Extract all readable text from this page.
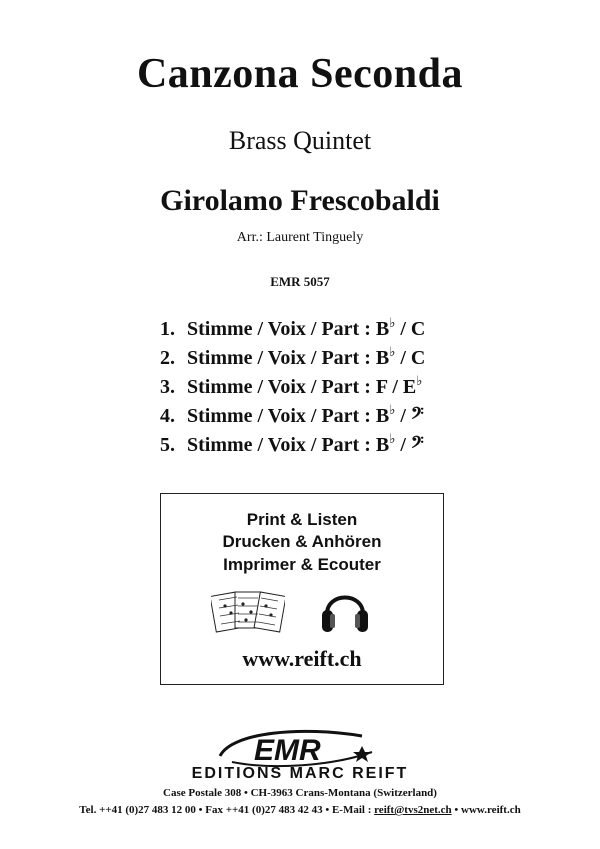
Canzona Seconda
Brass Quintet
Girolamo Frescobaldi
Arr.: Laurent Tinguely
EMR 5057
1. Stimme / Voix / Part : B♭ / C
2. Stimme / Voix / Part : B♭ / C
3. Stimme / Voix / Part : F / E♭
4. Stimme / Voix / Part : B♭ / 𝄢
5. Stimme / Voix / Part : B♭ / 𝄢
Print & Listen
Drucken & Anhören
Imprimer & Ecouter
www.reift.ch
EMR
EDITIONS MARC REIFT
Case Postale 308 • CH-3963 Crans-Montana (Switzerland)
Tel. ++41 (0)27 483 12 00 • Fax ++41 (0)27 483 42 43 • E-Mail : reift@tvs2net.ch • www.reift.ch
